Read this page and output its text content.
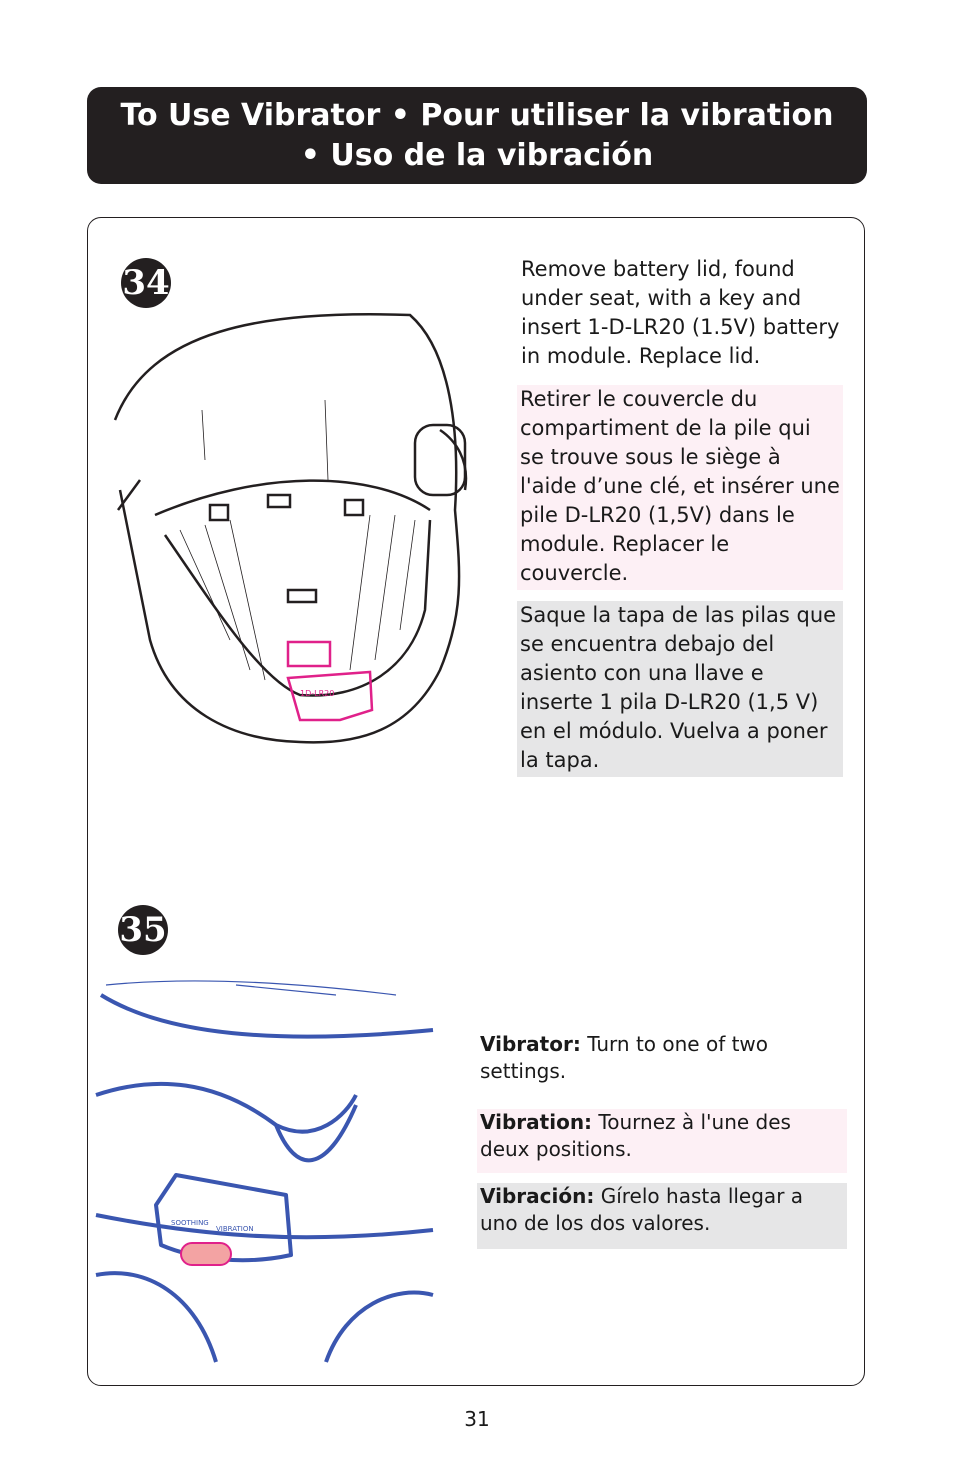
To Use Vibrator • Pour utiliser la vibration
• Uso de la vibración
34
1D-LR20

Remove battery lid, found under seat, with a key and insert 1-D-LR20 (1.5V) battery in module. Replace lid.

Retirer le couvercle du compartiment de la pile qui se trouve sous le siège à l'aide d’une clé, et insérer une pile D-LR20 (1,5V) dans le module. Replacer le couvercle.
Saque la tapa de las pilas que se encuentra debajo del asiento con una llave e inserte 1 pila D-LR20 (1,5 V) en el módulo. Vuelva a poner la tapa.
35
SOOTHING
VIBRATION
Vibrator: Turn to one of two settings.
Vibration: Tournez à l'une des deux positions.
Vibración: Gírelo hasta llegar a uno de los dos valores.
31
